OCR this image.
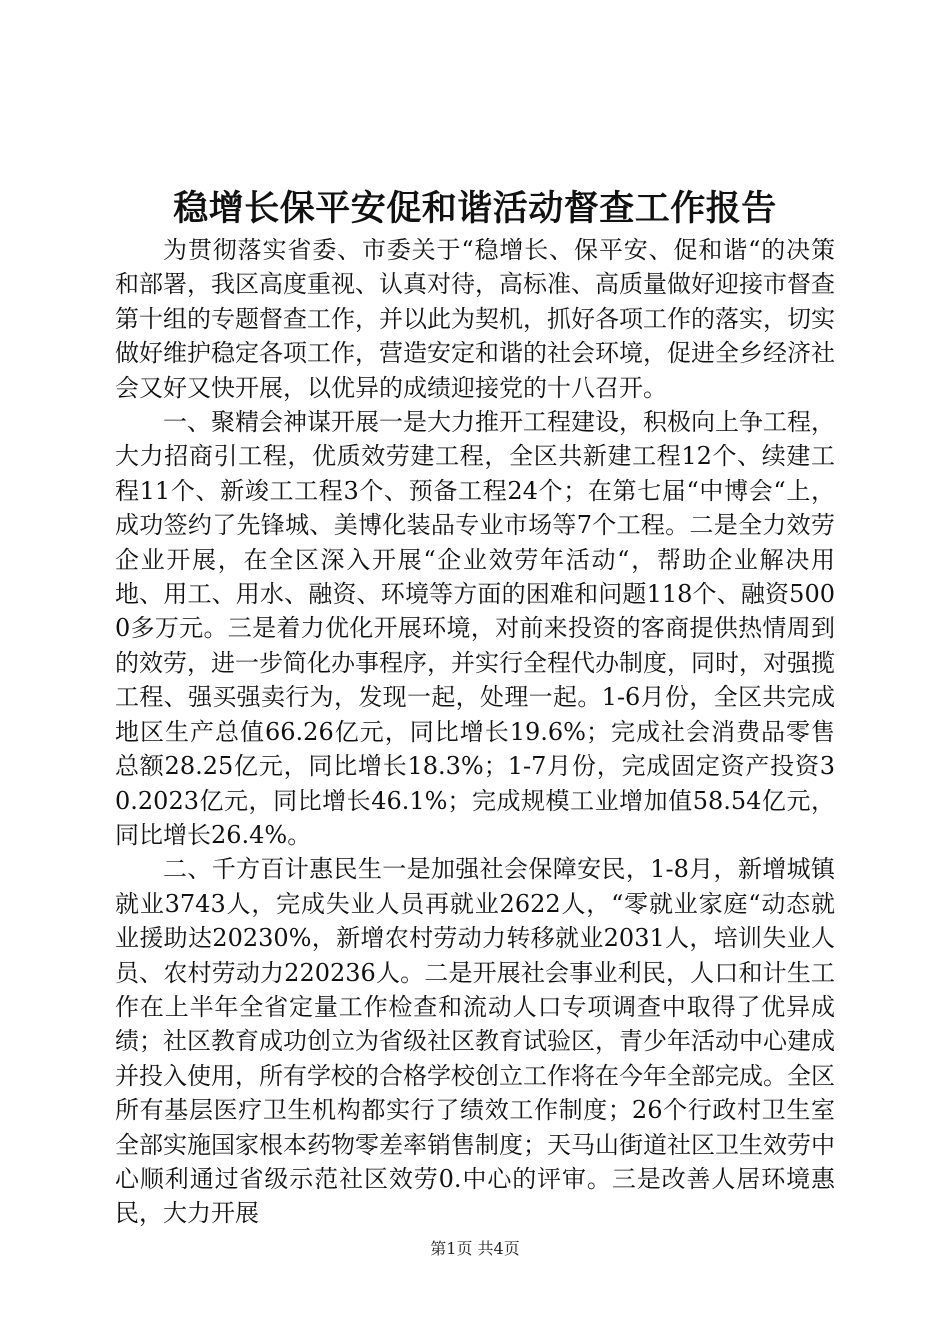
稳增长保平安促和谐活动督查工作报告

为贯彻落实省委、市委关于“稳增长、保平安、促和谐“的决策和部署，我区高度重视、认真对待，高标准、高质量做好迎接市督查第十组的专题督查工作，并以此为契机，抓好各项工作的落实，切实做好维护稳定各项工作，营造安定和谐的社会环境，促进全乡经济社会又好又快开展，以优异的成绩迎接党的十八召开。

一、聚精会神谋开展一是大力推开工程建设，积极向上争工程，大力招商引工程，优质效劳建工程，全区共新建工程12个、续建工程11个、新竣工工程3个、预备工程24个；在第七届“中博会“上，成功签约了先锋城、美博化装品专业市场等7个工程。二是全力效劳企业开展，在全区深入开展“企业效劳年活动“，帮助企业解决用地、用工、用水、融资、环境等方面的困难和问题118个、融资5000多万元。三是着力优化开展环境，对前来投资的客商提供热情周到的效劳，进一步简化办事程序，并实行全程代办制度，同时，对强揽工程、强买强卖行为，发现一起，处理一起。1-6月份，全区共完成地区生产总值66.26亿元，同比增长19.6%；完成社会消费品零售总额28.25亿元，同比增长18.3%；1-7月份，完成固定资产投资30.2023亿元，同比增长46.1%；完成规模工业增加值58.54亿元，同比增长26.4%。

二、千方百计惠民生一是加强社会保障安民，1-8月，新增城镇就业3743人，完成失业人员再就业2622人，“零就业家庭“动态就业援助达20230%，新增农村劳动力转移就业2031人，培训失业人员、农村劳动力220236人。二是开展社会事业利民，人口和计生工作在上半年全省定量工作检查和流动人口专项调查中取得了优异成绩；社区教育成功创立为省级社区教育试验区，青少年活动中心建成并投入使用，所有学校的合格学校创立工作将在今年全部完成。全区所有基层医疗卫生机构都实行了绩效工作制度；26个行政村卫生室全部实施国家根本药物零差率销售制度；天马山街道社区卫生效劳中心顺利通过省级示范社区效劳0.中心的评审。三是改善人居环境惠民，大力开展

第1页 共4页
